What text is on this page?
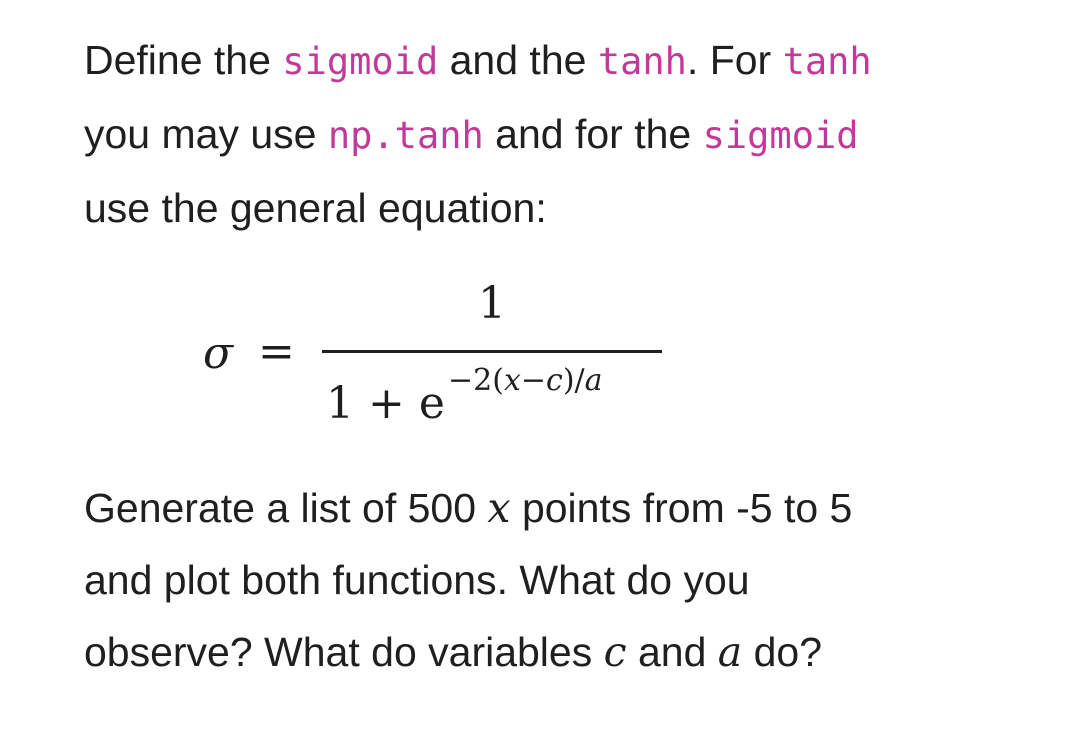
Define the sigmoid and the tanh. For tanh
you may use np.tanh and for the sigmoid
use the general equation:

σ =
1
1 + e −2(x−c)/a

Generate a list of 500 x points from -5 to 5
and plot both functions. What do you
observe? What do variables c and a do?
